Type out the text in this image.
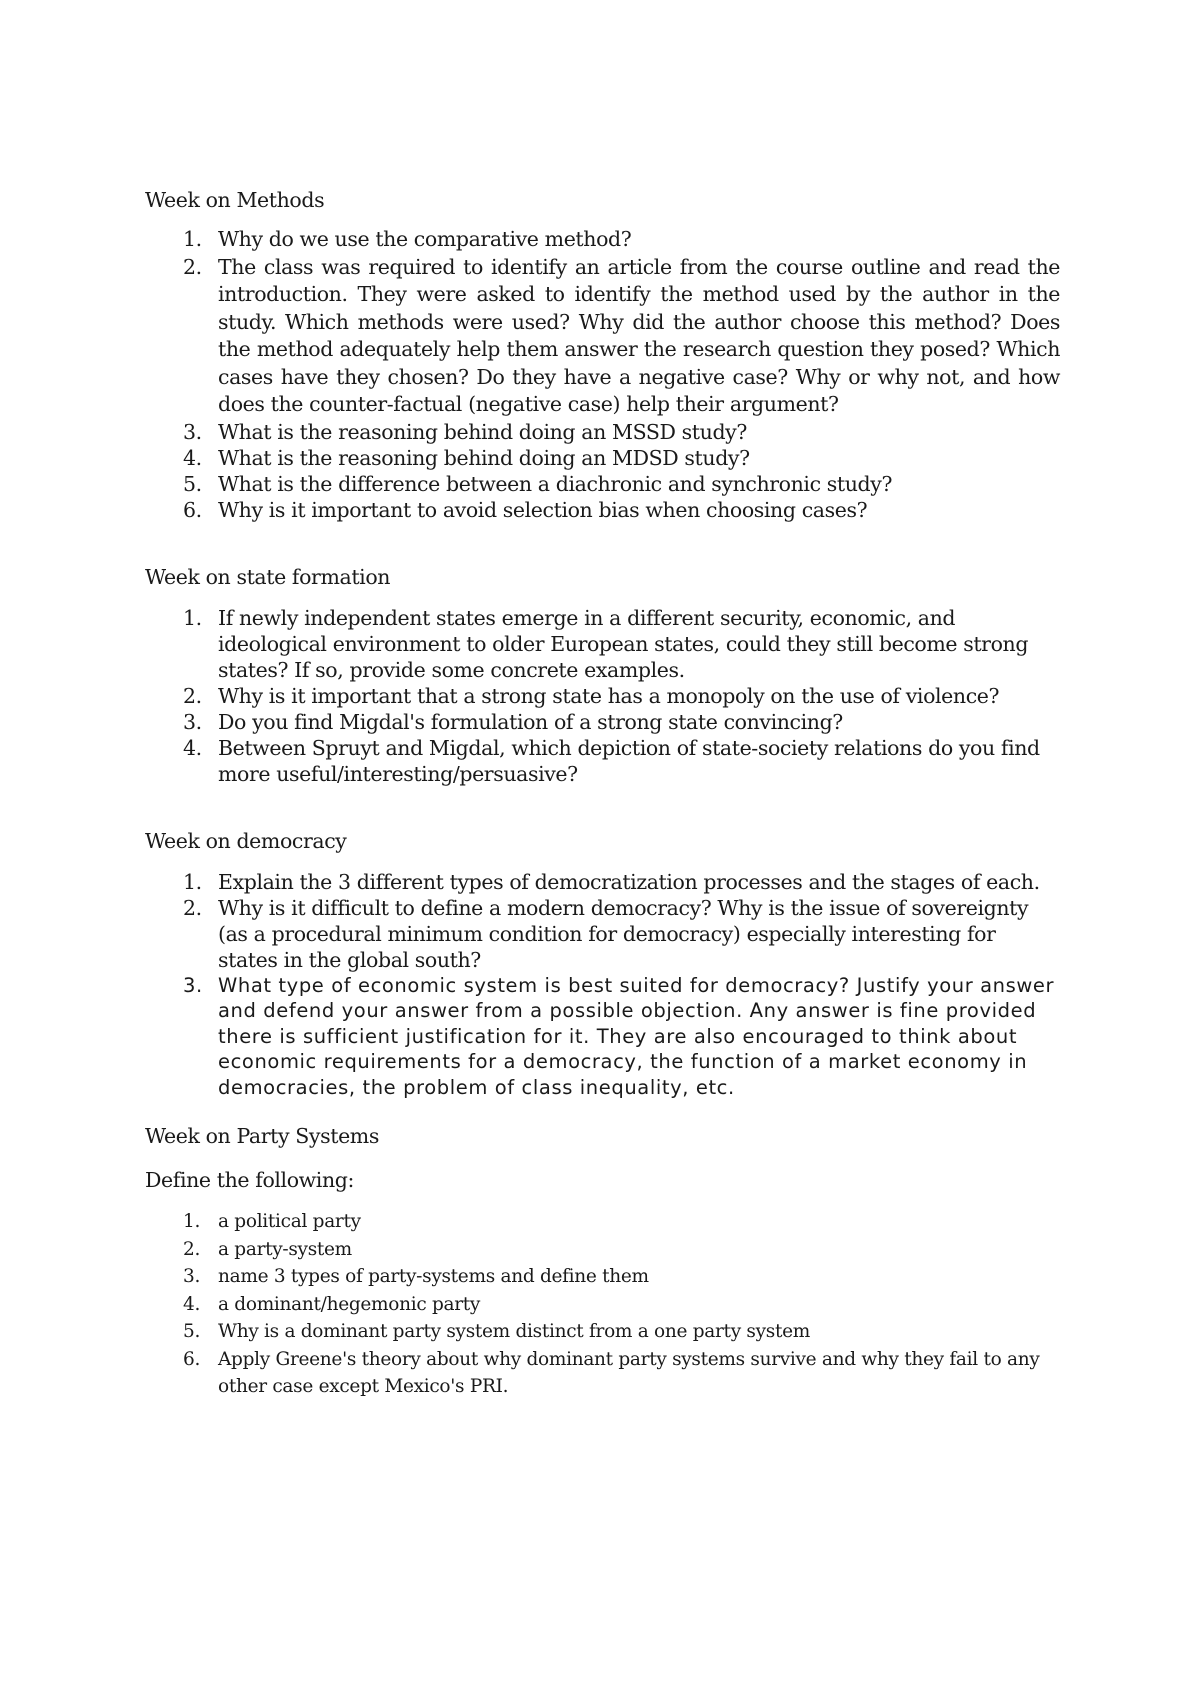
Week on Methods
1. Why do we use the comparative method?
2. The class was required to identify an article from the course outline and read the introduction. They were asked to identify the method used by the author in the study. Which methods were used? Why did the author choose this method? Does the method adequately help them answer the research question they posed? Which cases have they chosen? Do they have a negative case? Why or why not, and how does the counter-factual (negative case) help their argument?
3. What is the reasoning behind doing an MSSD study?
4. What is the reasoning behind doing an MDSD study?
5. What is the difference between a diachronic and synchronic study?
6. Why is it important to avoid selection bias when choosing cases?
Week on state formation
1. If newly independent states emerge in a different security, economic, and ideological environment to older European states, could they still become strong states? If so, provide some concrete examples.
2. Why is it important that a strong state has a monopoly on the use of violence?
3. Do you find Migdal's formulation of a strong state convincing?
4. Between Spruyt and Migdal, which depiction of state-society relations do you find more useful/interesting/persuasive?
Week on democracy
1. Explain the 3 different types of democratization processes and the stages of each.
2. Why is it difficult to define a modern democracy? Why is the issue of sovereignty (as a procedural minimum condition for democracy) especially interesting for states in the global south?
3. What type of economic system is best suited for democracy? Justify your answer and defend your answer from a possible objection. Any answer is fine provided there is sufficient justification for it. They are also encouraged to think about economic requirements for a democracy, the function of a market economy in democracies, the problem of class inequality, etc.
Week on Party Systems

Define the following:

1. a political party
2. a party-system
3. name 3 types of party-systems and define them
4. a dominant/hegemonic party
5. Why is a dominant party system distinct from a one party system
6. Apply Greene's theory about why dominant party systems survive and why they fail to any other case except Mexico's PRI.
